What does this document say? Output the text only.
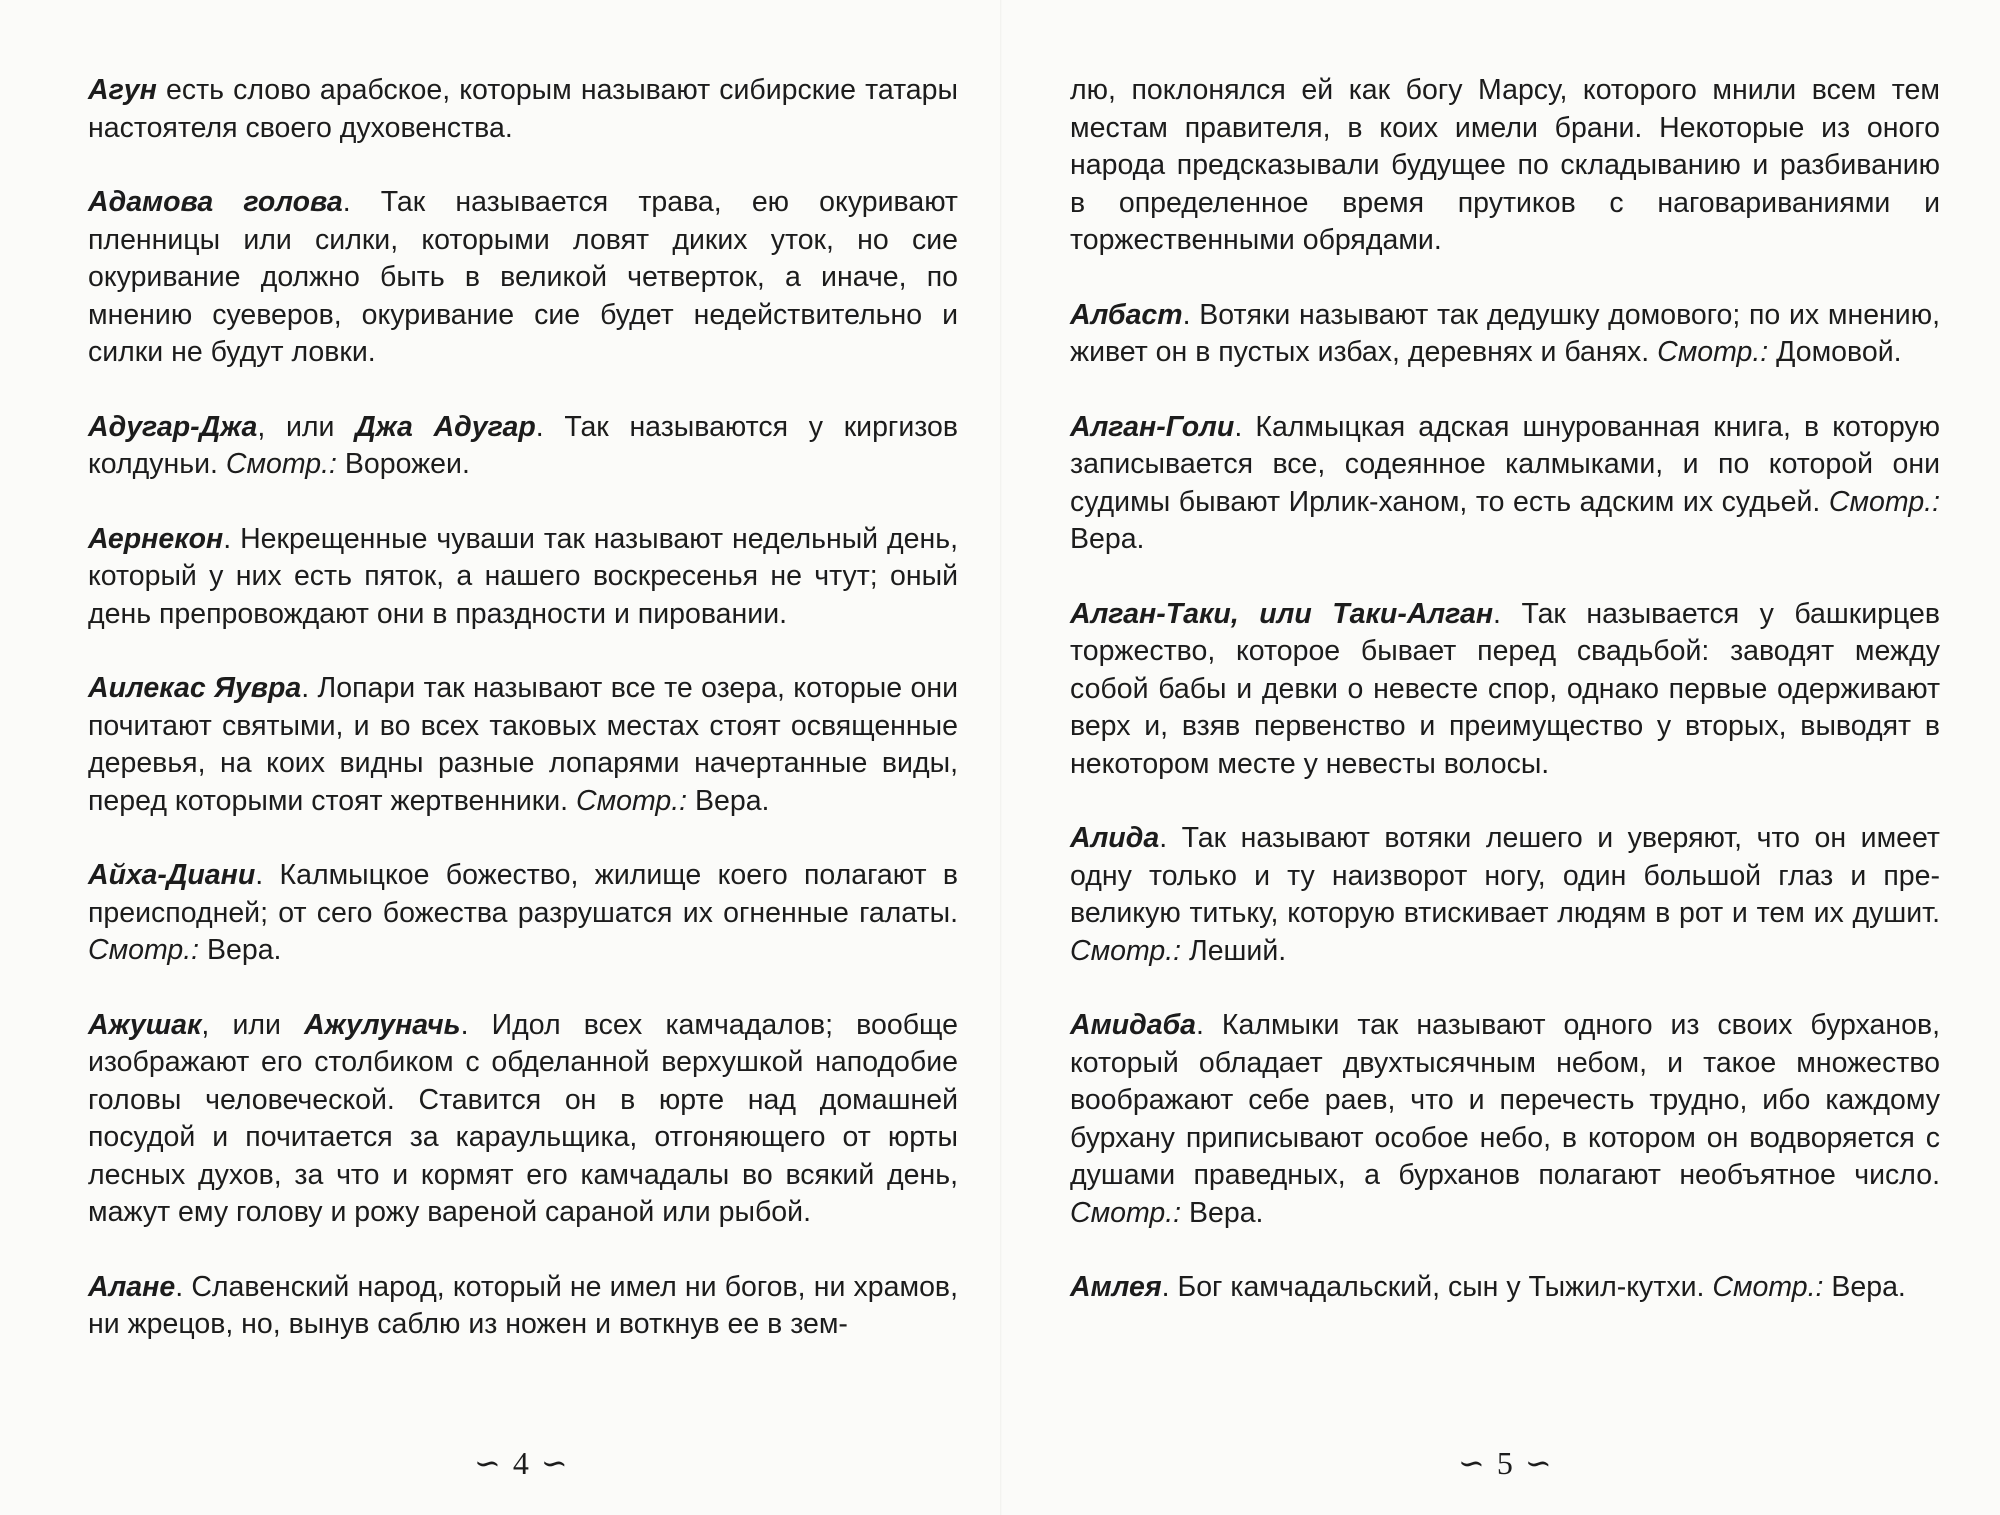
Агун есть слово арабское, которым называют сибирские татары настоятеля своего духовенства.

Адамова голова. Так называется трава, ею окуривают пленницы или силки, которыми ловят диких уток, но сие окуривание должно быть в великой четверток, а иначе, по мнению суеверов, окуривание сие будет недействительно и силки не будут ловки.

Адугар-Джа, или Джа Адугар. Так называются у киргизов колдуньи. Смотр.: Ворожеи.

Аернекон. Некрещенные чуваши так называют недельный день, который у них есть пяток, а нашего воскресенья не чтут; оный день препровождают они в праздности и пировании.

Аилекас Яувра. Лопари так называют все те озера, которые они почитают святыми, и во всех таковых местах стоят освященные деревья, на коих видны разные лопарями начертанные виды, перед которыми стоят жертвенники. Смотр.: Вера.

Айха-Диани. Калмыцкое божество, жилище коего полагают в преисподней; от сего божества разрушатся их огненные галаты. Смотр.: Вера.

Ажушак, или Ажулуначь. Идол всех камчадалов; вообще изображают его столбиком с обделанной верхушкой наподобие головы человеческой. Ставится он в юрте над домашней посудой и почитается за караульщика, отгоняющего от юрты лесных духов, за что и кормят его камчадалы во всякий день, мажут ему голову и рожу вареной сараной или рыбой.

Алане. Славенский народ, который не имел ни богов, ни храмов, ни жрецов, но, вынув саблю из ножен и воткнув ее в зем-

лю, поклонялся ей как богу Марсу, которого мнили всем тем местам правителя, в коих имели брани. Некоторые из оного народа предсказывали будущее по складыванию и разбиванию в определенное время прутиков с наговариваниями и торжественными обрядами.

Албаст. Вотяки называют так дедушку домового; по их мнению, живет он в пустых избах, деревнях и банях. Смотр.: Домовой.

Алган-Голи. Калмыцкая адская шнурованная книга, в которую записывается все, содеянное калмыками, и по которой они судимы бывают Ирлик-ханом, то есть адским их судьей. Смотр.: Вера.

Алган-Таки, или Таки-Алган. Так называется у башкирцев торжество, которое бывает перед свадьбой: заводят между собой бабы и девки о невесте спор, однако первые одерживают верх и, взяв первенство и преимущество у вторых, выводят в некотором месте у невесты волосы.

Алида. Так называют вотяки лешего и уверяют, что он имеет одну только и ту наизворот ногу, один большой глаз и превеликую титьку, которую втискивает людям в рот и тем их душит. Смотр.: Леший.

Амидаба. Калмыки так называют одного из своих бурханов, который обладает двухтысячным небом, и такое множество воображают себе раев, что и перечесть трудно, ибо каждому бурхану приписывают особое небо, в котором он водворяется с душами праведных, а бурханов полагают необъятное число. Смотр.: Вера.

Амлея. Бог камчадальский, сын у Тыжил-кутхи. Смотр.: Вера.

∽ 4 ∽	∽ 5 ∽
